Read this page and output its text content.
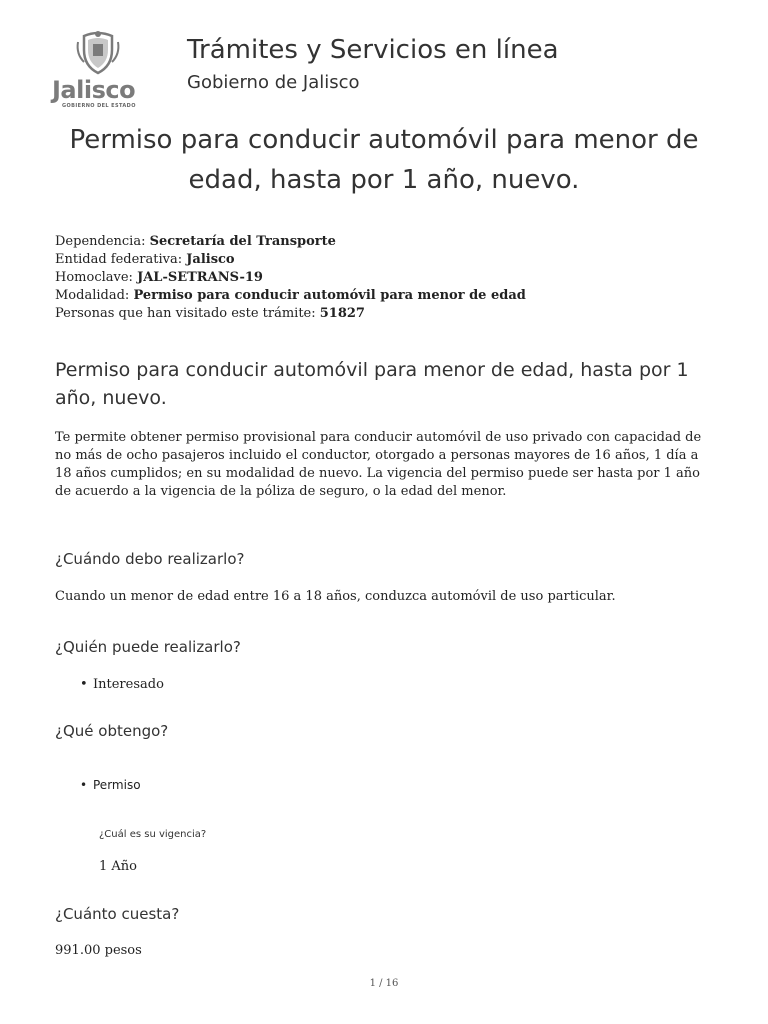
Jalisco
GOBIERNO DEL ESTADO
Trámites y Servicios en línea
Gobierno de Jalisco
Permiso para conducir automóvil para menor de edad, hasta por 1 año, nuevo.
Dependencia: Secretaría del Transporte
Entidad federativa: Jalisco
Homoclave: JAL-SETRANS-19
Modalidad: Permiso para conducir automóvil para menor de edad
Personas que han visitado este trámite: 51827
Permiso para conducir automóvil para menor de edad, hasta por 1 año, nuevo.
Te permite obtener permiso provisional para conducir automóvil de uso privado con capacidad de no más de ocho pasajeros incluido el conductor, otorgado a personas mayores de 16 años, 1 día a 18 años cumplidos; en su modalidad de nuevo. La vigencia del permiso puede ser hasta por 1 año de acuerdo a la vigencia de la póliza de seguro, o la edad del menor.
¿Cuándo debo realizarlo?
Cuando un menor de edad entre 16 a 18 años, conduzca automóvil de uso particular.
¿Quién puede realizarlo?
• Interesado
¿Qué obtengo?
• Permiso
¿Cuál es su vigencia?
1 Año
¿Cuánto cuesta?
991.00 pesos
1 / 16
